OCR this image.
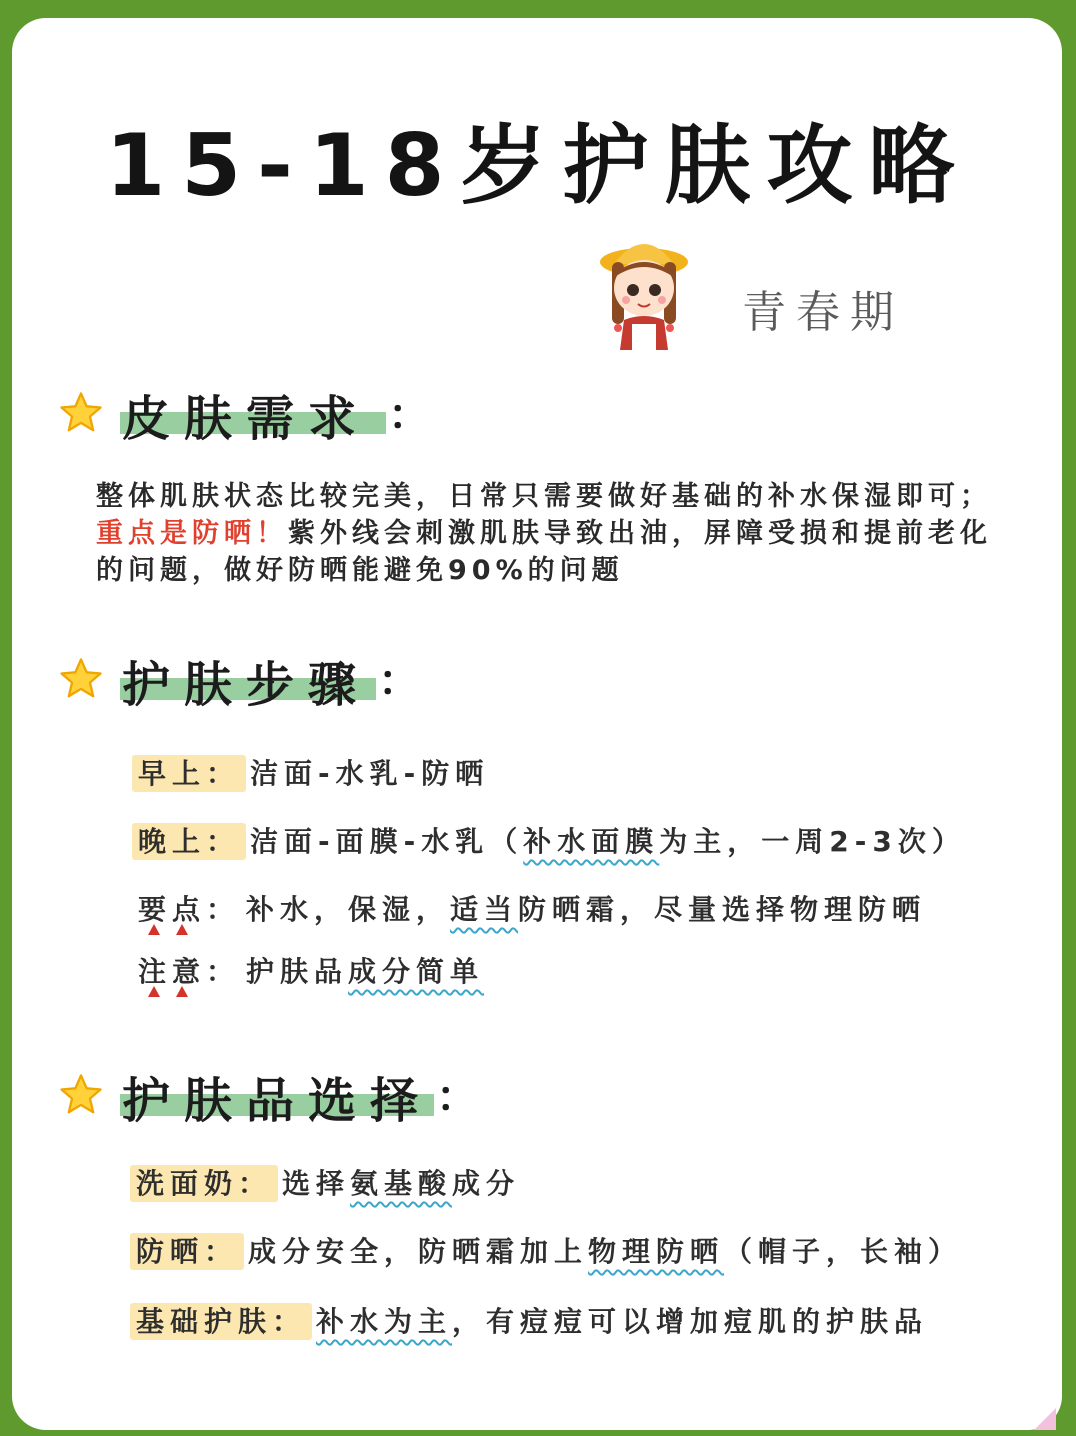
15-18岁护肤攻略
青春期
皮肤需求 ：
整体肌肤状态比较完美，日常只需要做好基础的补水保湿即可；重点是防晒！紫外线会刺激肌肤导致出油，屏障受损和提前老化的问题，做好防晒能避免90%的问题
护肤步骤 ：
早上： 洁面-水乳-防晒
晚上： 洁面-面膜-水乳（补水面膜为主，一周2-3次）
要点： 补水，保湿，适当防晒霜，尽量选择物理防晒
注意： 护肤品成分简单
护肤品选择 ：
洗面奶： 选择氨基酸成分
防晒： 成分安全，防晒霜加上物理防晒（帽子，长袖）
基础护肤： 补水为主，有痘痘可以增加痘肌的护肤品
